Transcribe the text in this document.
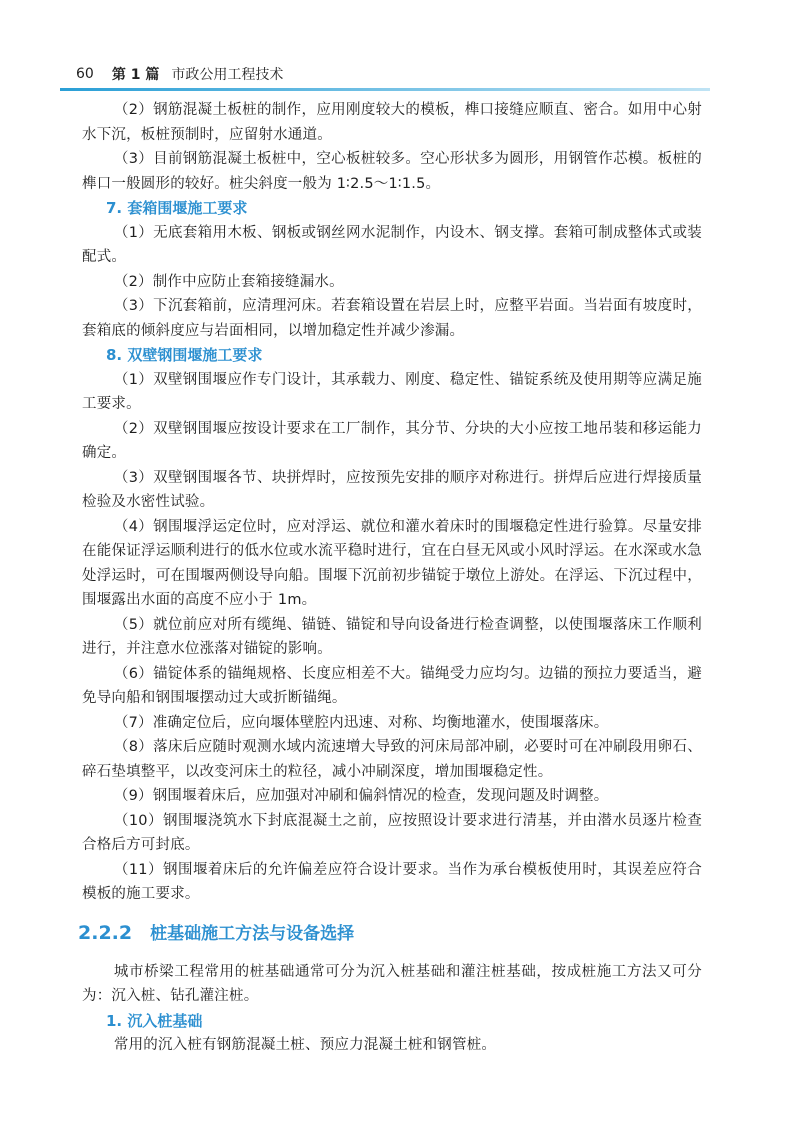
60 第 1 篇 市政公用工程技术

（2）钢筋混凝土板桩的制作，应用刚度较大的模板，榫口接缝应顺直、密合。如用中心射水下沉，板桩预制时，应留射水通道。

（3）目前钢筋混凝土板桩中，空心板桩较多。空心形状多为圆形，用钢管作芯模。板桩的榫口一般圆形的较好。桩尖斜度一般为 1∶2.5～1∶1.5。

7. 套箱围堰施工要求

（1）无底套箱用木板、钢板或钢丝网水泥制作，内设木、钢支撑。套箱可制成整体式或装配式。

（2）制作中应防止套箱接缝漏水。

（3）下沉套箱前，应清理河床。若套箱设置在岩层上时，应整平岩面。当岩面有坡度时，套箱底的倾斜度应与岩面相同，以增加稳定性并减少渗漏。

8. 双壁钢围堰施工要求

（1）双壁钢围堰应作专门设计，其承载力、刚度、稳定性、锚锭系统及使用期等应满足施工要求。

（2）双壁钢围堰应按设计要求在工厂制作，其分节、分块的大小应按工地吊装和移运能力确定。

（3）双壁钢围堰各节、块拼焊时，应按预先安排的顺序对称进行。拼焊后应进行焊接质量检验及水密性试验。

（4）钢围堰浮运定位时，应对浮运、就位和灌水着床时的围堰稳定性进行验算。尽量安排在能保证浮运顺利进行的低水位或水流平稳时进行，宜在白昼无风或小风时浮运。在水深或水急处浮运时，可在围堰两侧设导向船。围堰下沉前初步锚锭于墩位上游处。在浮运、下沉过程中，围堰露出水面的高度不应小于 1m。

（5）就位前应对所有缆绳、锚链、锚锭和导向设备进行检查调整，以使围堰落床工作顺利进行，并注意水位涨落对锚锭的影响。

（6）锚锭体系的锚绳规格、长度应相差不大。锚绳受力应均匀。边锚的预拉力要适当，避免导向船和钢围堰摆动过大或折断锚绳。

（7）准确定位后，应向堰体壁腔内迅速、对称、均衡地灌水，使围堰落床。

（8）落床后应随时观测水域内流速增大导致的河床局部冲刷，必要时可在冲刷段用卵石、碎石垫填整平，以改变河床土的粒径，减小冲刷深度，增加围堰稳定性。

（9）钢围堰着床后，应加强对冲刷和偏斜情况的检查，发现问题及时调整。

（10）钢围堰浇筑水下封底混凝土之前，应按照设计要求进行清基，并由潜水员逐片检查合格后方可封底。

（11）钢围堰着床后的允许偏差应符合设计要求。当作为承台模板使用时，其误差应符合模板的施工要求。

2.2.2 桩基础施工方法与设备选择

城市桥梁工程常用的桩基础通常可分为沉入桩基础和灌注桩基础，按成桩施工方法又可分为：沉入桩、钻孔灌注桩。

1. 沉入桩基础

常用的沉入桩有钢筋混凝土桩、预应力混凝土桩和钢管桩。
